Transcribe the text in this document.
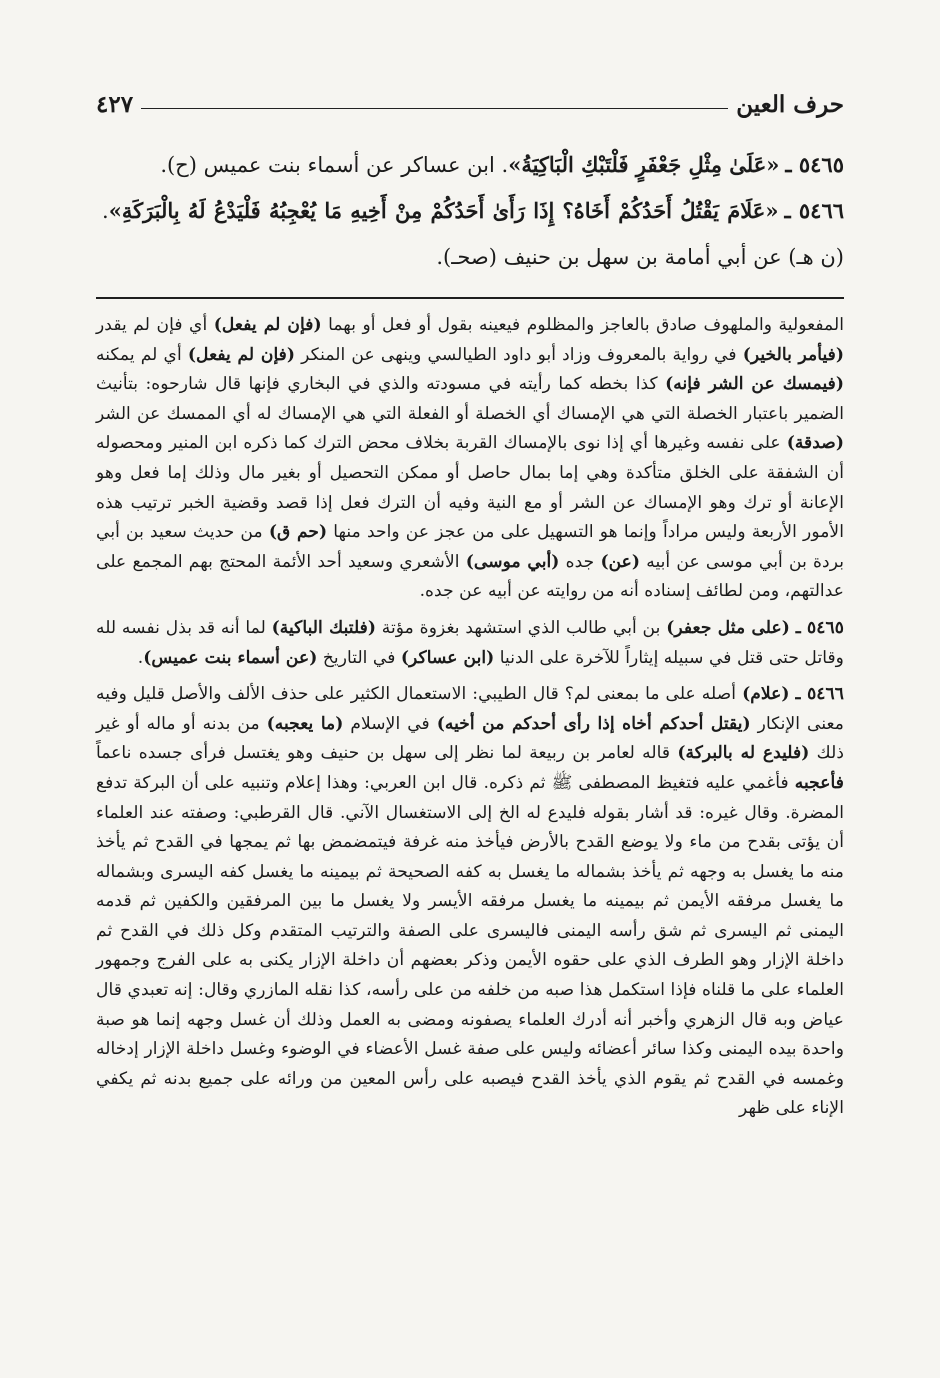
حرف العين
٤٢٧

٥٤٦٥ ـ«عَلَىٰ مِثْلِ جَعْفَرٍ فَلْتَبْكِ الْبَاكِيَةُ». ابن عساكر عن أسماء بنت عميس (ح).

٥٤٦٦ ـ«عَلَامَ يَقْتُلُ أَحَدُكُمْ أَخَاهُ؟ إِذَا رَأَىٰ أَحَدُكُمْ مِنْ أَخِيهِ مَا يُعْجِبُهُ فَلْيَدْعُ لَهُ بِالْبَرَكَةِ». (ن هـ) عن أبي أمامة بن سهل بن حنيف (صحـ).

المفعولية والملهوف صادق بالعاجز والمظلوم فيعينه بقول أو فعل أو بهما (فإن لم يفعل) أي فإن لم يقدر (فيأمر بالخير) في رواية بالمعروف وزاد أبو داود الطيالسي وينهى عن المنكر (فإن لم يفعل) أي لم يمكنه (فيمسك عن الشر فإنه) كذا بخطه كما رأيته في مسودته والذي في البخاري فإنها قال شارحوه: بتأنيث الضمير باعتبار الخصلة التي هي الإمساك أي الخصلة أو الفعلة التي هي الإمساك له أي الممسك عن الشر (صدقة) على نفسه وغيرها أي إذا نوى بالإمساك القربة بخلاف محض الترك كما ذكره ابن المنير ومحصوله أن الشفقة على الخلق متأكدة وهي إما بمال حاصل أو ممكن التحصيل أو بغير مال وذلك إما فعل وهو الإعانة أو ترك وهو الإمساك عن الشر أو مع النية وفيه أن الترك فعل إذا قصد وقضية الخبر ترتيب هذه الأمور الأربعة وليس مراداً وإنما هو التسهيل على من عجز عن واحد منها (حم ق) من حديث سعيد بن أبي بردة بن أبي موسى عن أبيه (عن) جده (أبي موسى) الأشعري وسعيد أحد الأئمة المحتج بهم المجمع على عدالتهم، ومن لطائف إسناده أنه من روايته عن أبيه عن جده.

٥٤٦٥ ـ (على مثل جعفر) بن أبي طالب الذي استشهد بغزوة مؤتة (فلتبك الباكية) لما أنه قد بذل نفسه لله وقاتل حتى قتل في سبيله إيثاراً للآخرة على الدنيا (ابن عساكر) في التاريخ (عن أسماء بنت عميس).

٥٤٦٦ ـ (علام) أصله على ما بمعنى لم؟ قال الطيبي: الاستعمال الكثير على حذف الألف والأصل قليل وفيه معنى الإنكار (يقتل أحدكم أخاه إذا رأى أحدكم من أخيه) في الإسلام (ما يعجبه) من بدنه أو ماله أو غير ذلك (فليدع له بالبركة) قاله لعامر بن ربيعة لما نظر إلى سهل بن حنيف وهو يغتسل فرأى جسده ناعماً فأعجبه فأغمي عليه فتغيظ المصطفى ﷺ ثم ذكره. قال ابن العربي: وهذا إعلام وتنبيه على أن البركة تدفع المضرة. وقال غيره: قد أشار بقوله فليدع له الخ إلى الاستغسال الآني. قال القرطبي: وصفته عند العلماء أن يؤتى بقدح من ماء ولا يوضع القدح بالأرض فيأخذ منه غرفة فيتمضمض بها ثم يمجها في القدح ثم يأخذ منه ما يغسل به وجهه ثم يأخذ بشماله ما يغسل به كفه الصحيحة ثم بيمينه ما يغسل كفه اليسرى وبشماله ما يغسل مرفقه الأيمن ثم بيمينه ما يغسل مرفقه الأيسر ولا يغسل ما بين المرفقين والكفين ثم قدمه اليمنى ثم اليسرى ثم شق رأسه اليمنى فاليسرى على الصفة والترتيب المتقدم وكل ذلك في القدح ثم داخلة الإزار وهو الطرف الذي على حقوه الأيمن وذكر بعضهم أن داخلة الإزار يكنى به على الفرج وجمهور العلماء على ما قلناه فإذا استكمل هذا صبه من خلفه من على رأسه، كذا نقله المازري وقال: إنه تعبدي قال عياض وبه قال الزهري وأخبر أنه أدرك العلماء يصفونه ومضى به العمل وذلك أن غسل وجهه إنما هو صبة واحدة بيده اليمنى وكذا سائر أعضائه وليس على صفة غسل الأعضاء في الوضوء وغسل داخلة الإزار إدخاله وغمسه في القدح ثم يقوم الذي يأخذ القدح فيصبه على رأس المعين من ورائه على جميع بدنه ثم يكفي الإناء على ظهر
